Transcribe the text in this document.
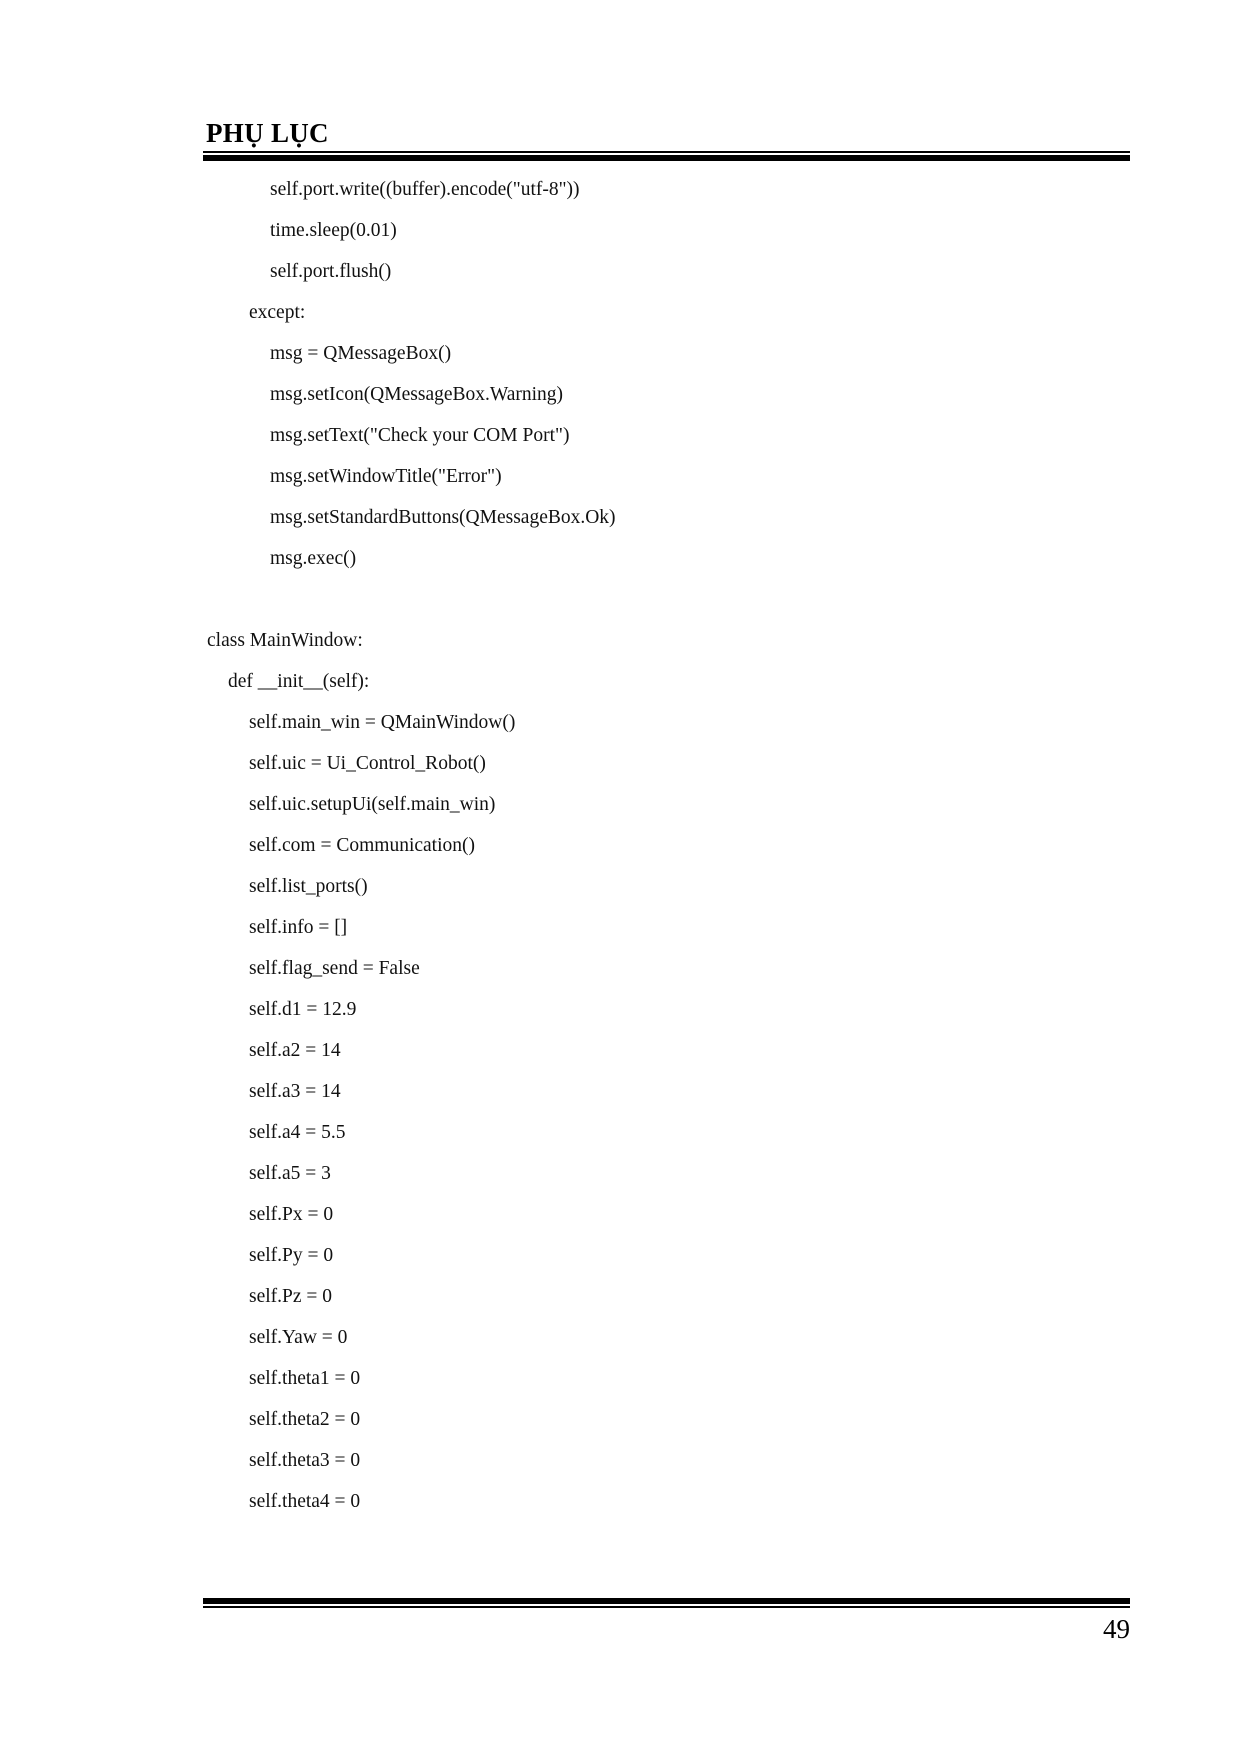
PHỤ LỤC
self.port.write((buffer).encode("utf-8"))
time.sleep(0.01)
self.port.flush()
except:
msg = QMessageBox()
msg.setIcon(QMessageBox.Warning)
msg.setText("Check your COM Port")
msg.setWindowTitle("Error")
msg.setStandardButtons(QMessageBox.Ok)
msg.exec()
class MainWindow:
def __init__(self):
self.main_win = QMainWindow()
self.uic = Ui_Control_Robot()
self.uic.setupUi(self.main_win)
self.com = Communication()
self.list_ports()
self.info = []
self.flag_send = False
self.d1 = 12.9
self.a2 = 14
self.a3 = 14
self.a4 = 5.5
self.a5 = 3
self.Px = 0
self.Py = 0
self.Pz = 0
self.Yaw = 0
self.theta1 = 0
self.theta2 = 0
self.theta3 = 0
self.theta4 = 0
49
